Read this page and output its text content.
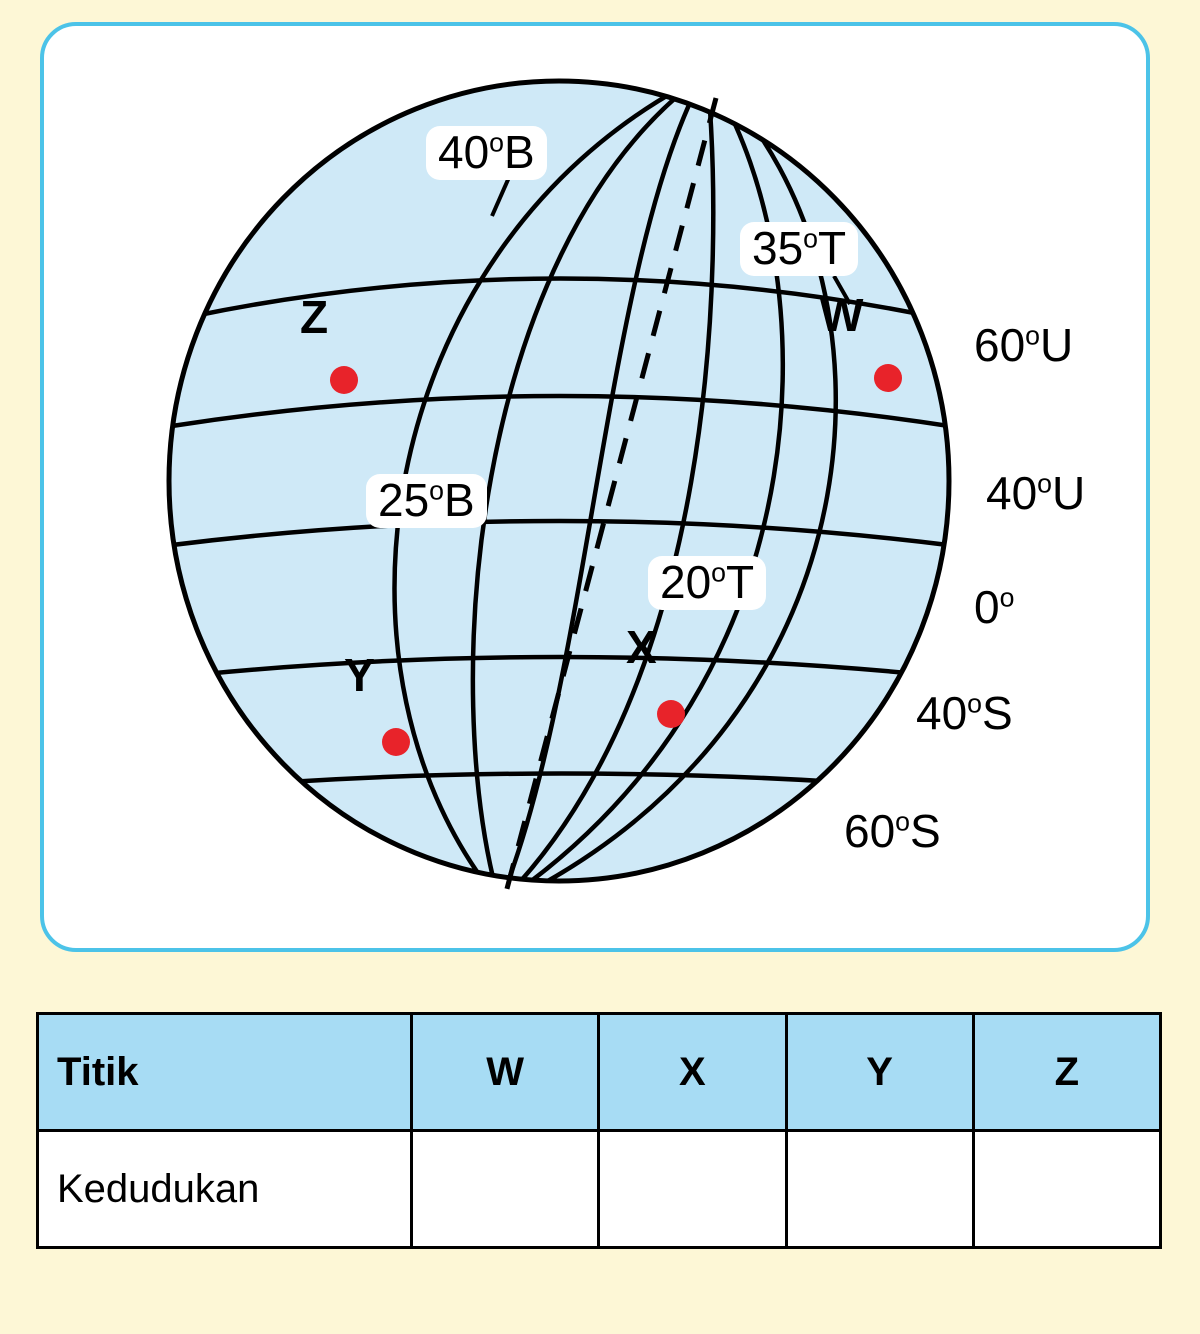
40$^o$B
35$^o$T
25$^o$B
20$^o$T
60$^o$U
40$^o$U
0$^o$
40$^o$S
60$^o$S
W
X
Y
Z
Titik	W	X	Y	Z
Kedudukan				
